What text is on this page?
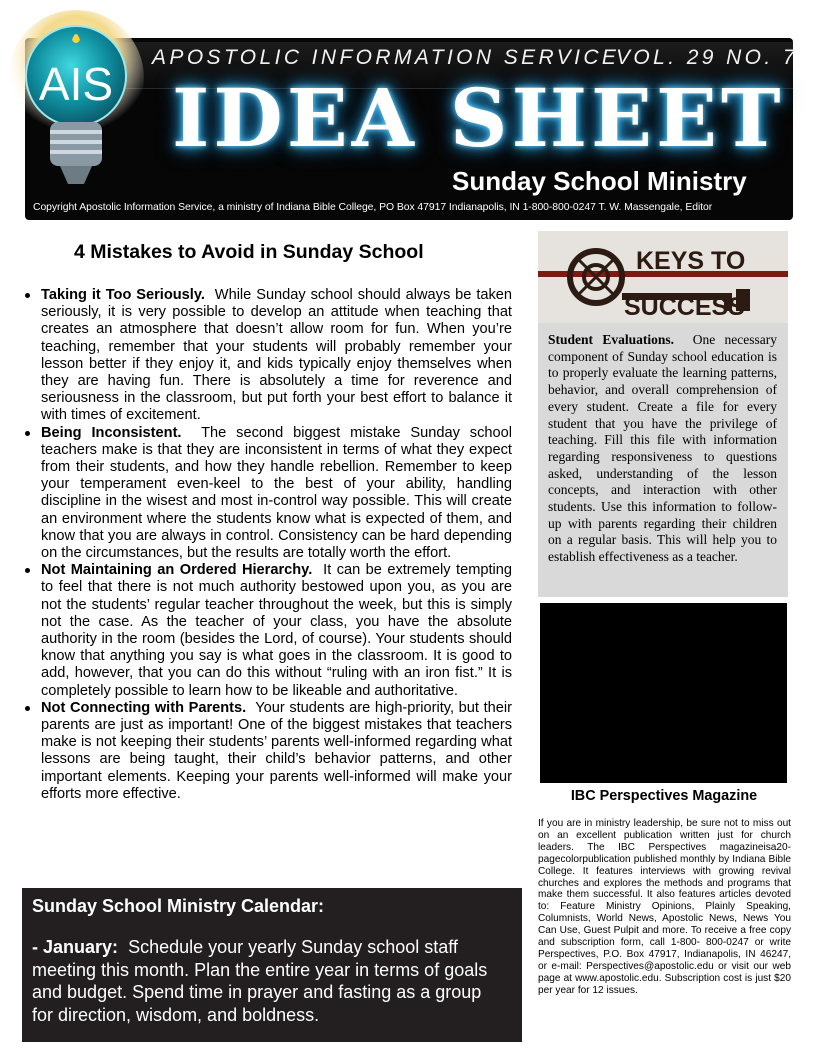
AIS
APOSTOLIC INFORMATION SERVICE
VOL. 29 NO. 7
IDEA SHEET
Sunday School Ministry
Copyright Apostolic Information Service, a ministry of Indiana Bible College, PO Box 47917 Indianapolis, IN 1-800-800-0247 T. W. Massengale, Editor
4 Mistakes to Avoid in Sunday School
Taking it Too Seriously. While Sunday school should always be taken seriously, it is very possible to develop an attitude when teaching that creates an atmosphere that doesn’t allow room for fun. When you’re teaching, remember that your students will probably remember your lesson better if they enjoy it, and kids typically enjoy themselves when they are having fun. There is absolutely a time for reverence and seriousness in the classroom, but put forth your best effort to balance it with times of excitement.
Being Inconsistent. The second biggest mistake Sunday school teachers make is that they are inconsistent in terms of what they expect from their students, and how they handle rebellion. Remember to keep your temperament even-keel to the best of your ability, handling discipline in the wisest and most in-control way possible. This will create an environment where the students know what is expected of them, and know that you are always in control. Consistency can be hard depending on the circumstances, but the results are totally worth the effort.
Not Maintaining an Ordered Hierarchy. It can be extremely tempting to feel that there is not much authority bestowed upon you, as you are not the students’ regular teacher throughout the week, but this is simply not the case. As the teacher of your class, you have the absolute authority in the room (besides the Lord, of course). Your students should know that anything you say is what goes in the classroom. It is good to add, however, that you can do this without “ruling with an iron fist.” It is completely possible to learn how to be likeable and authoritative.
Not Connecting with Parents. Your students are high-priority, but their parents are just as important! One of the biggest mistakes that teachers make is not keeping their students’ parents well-informed regarding what lessons are being taught, their child’s behavior patterns, and other important elements. Keeping your parents well-informed will make your efforts more effective.
Sunday School Ministry Calendar:
- January: Schedule your yearly Sunday school staff meeting this month. Plan the entire year in terms of goals and budget. Spend time in prayer and fasting as a group for direction, wisdom, and boldness.
KEYS TO
SUCCESS
Student Evaluations. One necessary component of Sunday school education is to properly evaluate the learning patterns, behavior, and overall comprehension of every student. Create a file for every student that you have the privilege of teaching. Fill this file with information regarding responsiveness to questions asked, understanding of the lesson concepts, and interaction with other students. Use this information to follow-up with parents regarding their children on a regular basis. This will help you to establish effectiveness as a teacher.
IBC Perspectives Magazine
If you are in ministry leadership, be sure not to miss out on an excellent publication written just for church leaders. The IBC Perspectives magazineisa20-pagecolorpublication published monthly by Indiana Bible College. It features interviews with growing revival churches and explores the methods and programs that make them successful. It also features articles devoted to: Feature Ministry Opinions, Plainly Speaking, Columnists, World News, Apostolic News, News You Can Use, Guest Pulpit and more. To receive a free copy and subscription form, call 1-800- 800-0247 or write Perspectives, P.O. Box 47917, Indianapolis, IN 46247, or e-mail: Perspectives@apostolic.edu or visit our web page at www.apostolic.edu. Subscription cost is just $20 per year for 12 issues.
